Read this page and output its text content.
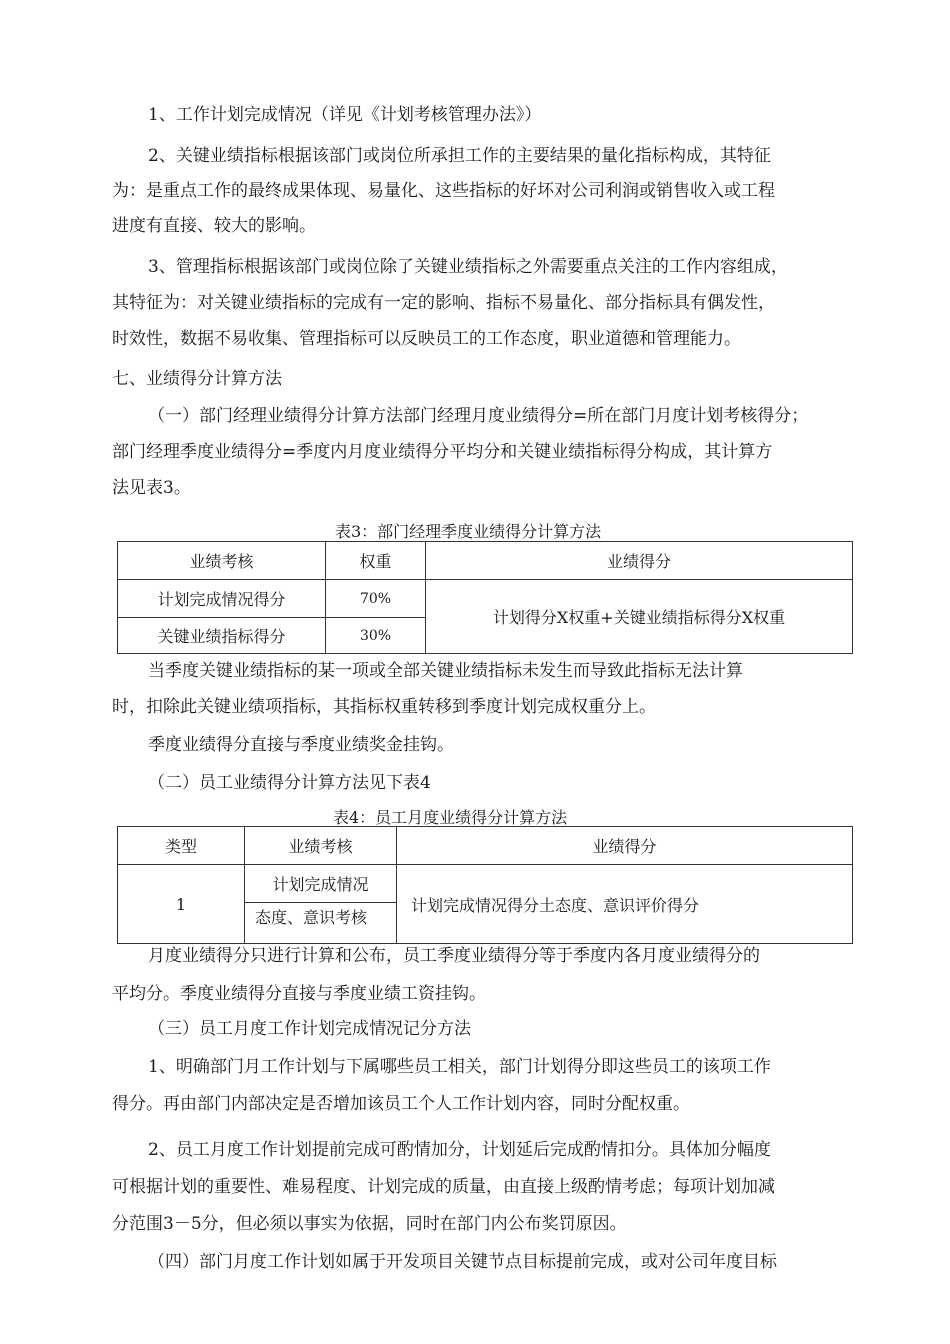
1、工作计划完成情况（详见《计划考核管理办法》）
2、关键业绩指标根据该部门或岗位所承担工作的主要结果的量化指标构成，其特征
为：是重点工作的最终成果体现、易量化、这些指标的好坏对公司利润或销售收入或工程
进度有直接、较大的影响。
3、管理指标根据该部门或岗位除了关键业绩指标之外需要重点关注的工作内容组成，
其特征为：对关键业绩指标的完成有一定的影响、指标不易量化、部分指标具有偶发性，
时效性，数据不易收集、管理指标可以反映员工的工作态度，职业道德和管理能力。
七、业绩得分计算方法
（一）部门经理业绩得分计算方法部门经理月度业绩得分=所在部门月度计划考核得分；
部门经理季度业绩得分=季度内月度业绩得分平均分和关键业绩指标得分构成，其计算方
法见表3。
表3：部门经理季度业绩得分计算方法
业绩考核	权重	业绩得分
计划完成情况得分	70%	计划得分X权重+关键业绩指标得分X权重
关键业绩指标得分	30%	
当季度关键业绩指标的某一项或全部关键业绩指标未发生而导致此指标无法计算
时，扣除此关键业绩项指标，其指标权重转移到季度计划完成权重分上。
季度业绩得分直接与季度业绩奖金挂钩。
（二）员工业绩得分计算方法见下表4
表4：员工月度业绩得分计算方法
类型	业绩考核	业绩得分
1	计划完成情况	计划完成情况得分土态度、意识评价得分

	态度、意识考核	
月度业绩得分只进行计算和公布，员工季度业绩得分等于季度内各月度业绩得分的
平均分。季度业绩得分直接与季度业绩工资挂钩。
（三）员工月度工作计划完成情况记分方法
1、明确部门月工作计划与下属哪些员工相关，部门计划得分即这些员工的该项工作
得分。再由部门内部决定是否增加该员工个人工作计划内容，同时分配权重。
2、员工月度工作计划提前完成可酌情加分，计划延后完成酌情扣分。具体加分幅度
可根据计划的重要性、难易程度、计划完成的质量，由直接上级酌情考虑；每项计划加减
分范围3－5分，但必须以事实为依据，同时在部门内公布奖罚原因。
（四）部门月度工作计划如属于开发项目关键节点目标提前完成，或对公司年度目标
